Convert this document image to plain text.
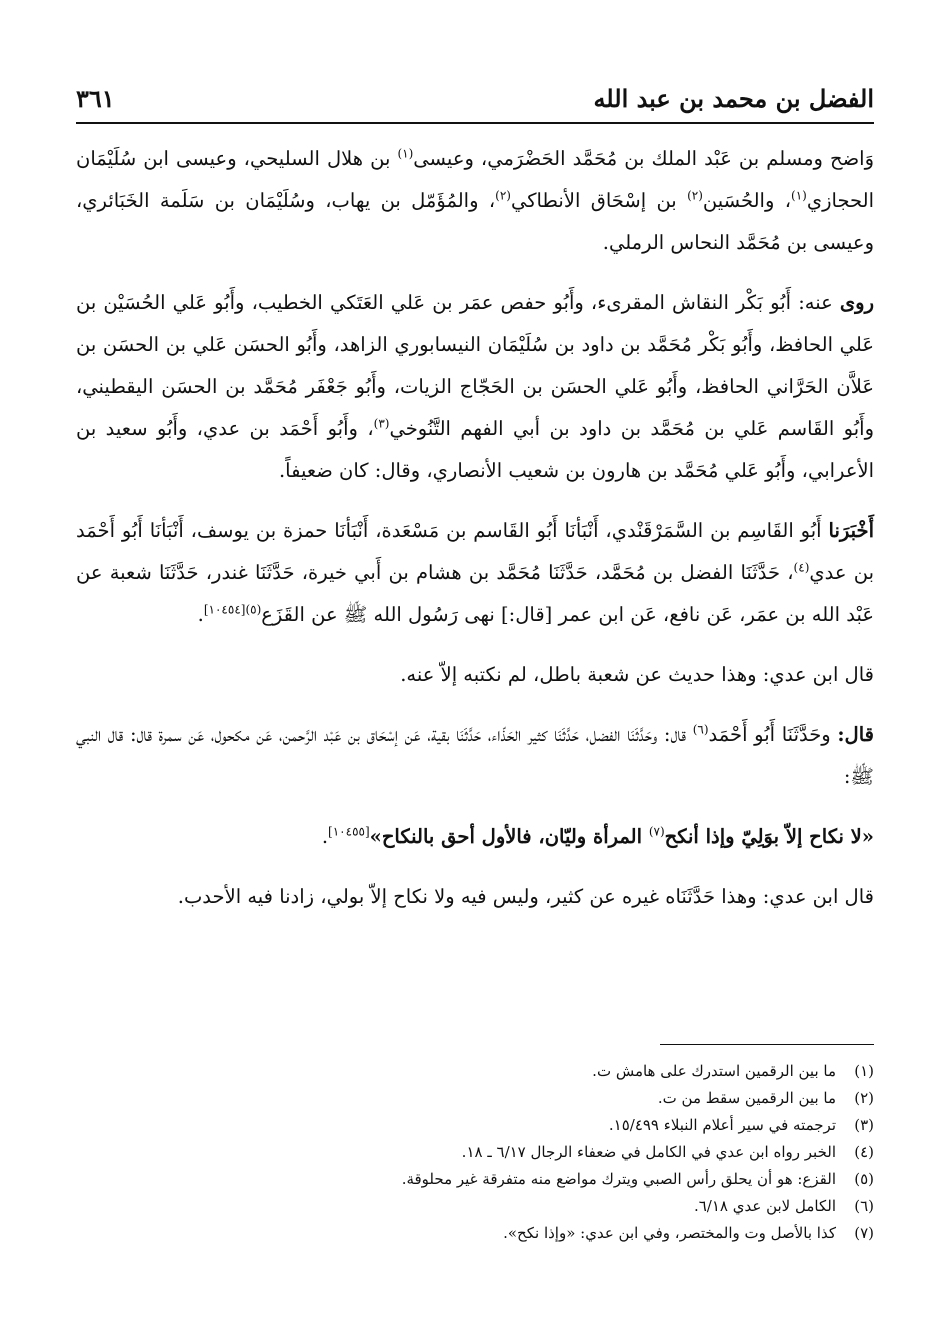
الفضل بن محمد بن عبد الله
٣٦١

وَاضح ومسلم بن عَبْد الملك بن مُحَمَّد الحَضْرَمي، وعيسى$^{(١)}$ بن هلال السليحي، وعيسى ابن سُلَيْمَان الحجازي$^{(١)}$، والحُسَين$^{(٢)}$ بن إسْحَاق الأنطاكي$^{(٢)}$، والمُؤَمّل بن يهاب، وسُلَيْمَان بن سَلَمة الخَبَائري، وعيسى بن مُحَمَّد النحاس الرملي.

روى عنه: أَبُو بَكْر النقاش المقرىء، وأَبُو حفص عمَر بن عَلي العَتَكي الخطيب، وأَبُو عَلي الحُسَيْن بن عَلي الحافظ، وأَبُو بَكْر مُحَمَّد بن داود بن سُلَيْمَان النيسابوري الزاهد، وأَبُو الحسَن عَلي بن الحسَن بن عَلاَّن الحَرَّاني الحافظ، وأَبُو عَلي الحسَن بن الحَجّاج الزيات، وأَبُو جَعْفَر مُحَمَّد بن الحسَن اليقطيني، وأَبُو القَاسم عَلي بن مُحَمَّد بن داود بن أبي الفهم التَّنُوخي$^{(٣)}$، وأَبُو أَحْمَد بن عدي، وأَبُو سعيد بن الأعرابي، وأَبُو عَلي مُحَمَّد بن هارون بن شعيب الأنصاري، وقال: كان ضعيفاً.

أَخْبَرَنا أَبُو القَاسِم بن السَّمَرْقَنْدي، أَنْبَأنَا أَبُو القَاسم بن مَسْعَدة، أَنْبَأنَا حمزة بن يوسف، أَنْبَأنَا أَبُو أَحْمَد بن عدي$^{(٤)}$، حَدَّثَنَا الفضل بن مُحَمَّد، حَدَّثَنَا مُحَمَّد بن هشام بن أَبي خيرة، حَدَّثَنَا غندر، حَدَّثَنَا شعبة عن عَبْد الله بن عمَر، عَن نافع، عَن ابن عمر [قال:] نهى رَسُول الله ﷺ عن القَزَع$^{(٥)[١٠٤٥٤]}$.

قال ابن عدي: وهذا حديث عن شعبة باطل، لم نكتبه إلاّ عنه.

قال: وحَدَّثَنَا أَبُو أَحْمَد$^{(٦)}$ قال: وحَدَّثَنَا الفضل، حَدَّثَنَا كثير الحَذّاء، حَدَّثَنَا بقية، عَن إسْحَاق بن عَبْد الرَّحمن، عَن مكحول، عَن سمرة قال: قال النبي ﷺ:

«لا نكاح إلاّ بوَلِيّ وإذا أنكح$^{(٧)}$ المرأة وليّان، فالأول أحق بالنكاح»[١٠٤٥٥].

قال ابن عدي: وهذا حَدَّثَنَاه غيره عن كثير، وليس فيه ولا نكاح إلاّ بولي، زادنا فيه الأحدب.

(١)
ما بين الرقمين استدرك على هامش ت.
(٢)
ما بين الرقمين سقط من ت.
(٣)
ترجمته في سير أعلام النبلاء ١٥/٤٩٩.
(٤)
الخبر رواه ابن عدي في الكامل في ضعفاء الرجال ٦/١٧ ـ ١٨.
(٥)
القزع: هو أن يحلق رأس الصبي ويترك مواضع منه متفرقة غير محلوقة.
(٦)
الكامل لابن عدي ٦/١٨.
(٧)
كذا بالأصل وت والمختصر، وفي ابن عدي: «وإذا نكح».
